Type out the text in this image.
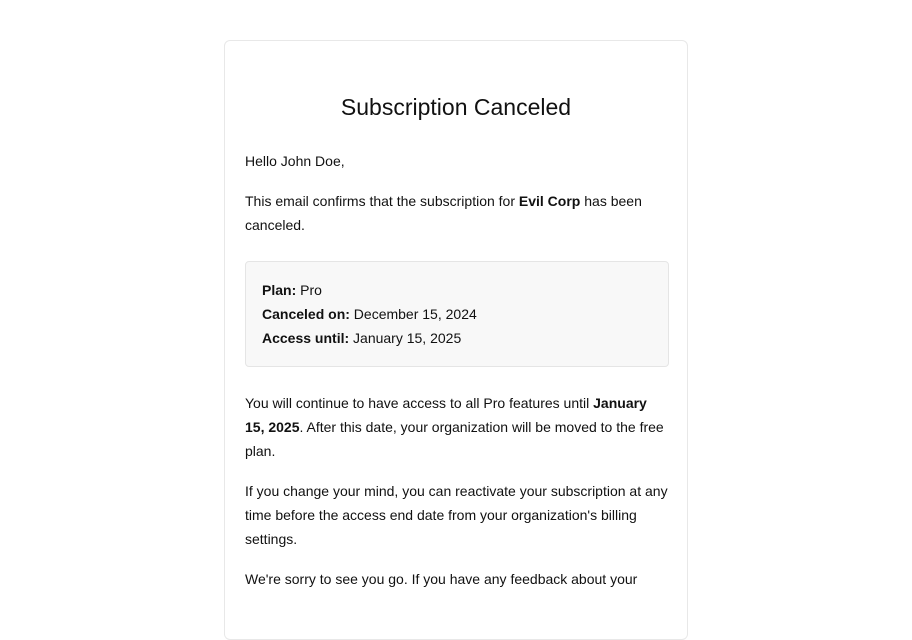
Subscription Canceled

Hello John Doe,

This email confirms that the subscription for Evil Corp has been canceled.

Plan: Pro
Canceled on: December 15, 2024
Access until: January 15, 2025

You will continue to have access to all Pro features until January 15, 2025. After this date, your organization will be moved to the free plan.

If you change your mind, you can reactivate your subscription at any time before the access end date from your organization's billing settings.

We're sorry to see you go. If you have any feedback about your
